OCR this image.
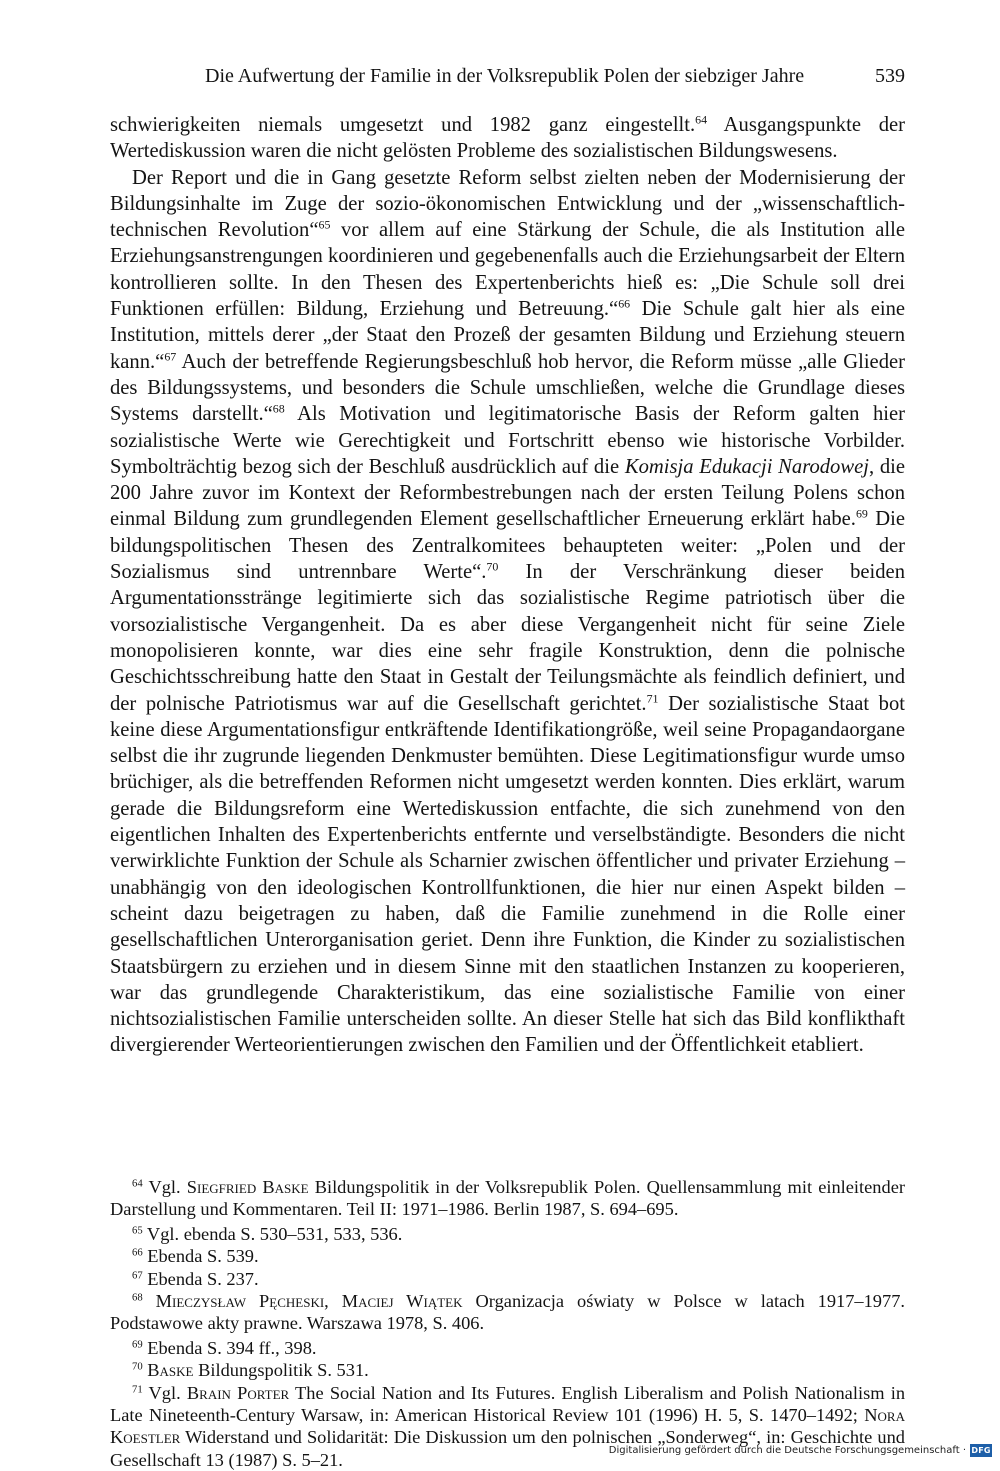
Die Aufwertung der Familie in der Volksrepublik Polen der siebziger Jahre	539

schwierigkeiten niemals umgesetzt und 1982 ganz eingestellt.$^{64}$ Ausgangspunkte der Wertediskussion waren die nicht gelösten Probleme des sozialistischen Bildungswesens.

Der Report und die in Gang gesetzte Reform selbst zielten neben der Modernisierung der Bildungsinhalte im Zuge der sozio-ökonomischen Entwicklung und der „wissenschaftlich-technischen Revolution“$^{65}$ vor allem auf eine Stärkung der Schule, die als Institution alle Erziehungsanstrengungen koordinieren und gegebenenfalls auch die Erziehungsarbeit der Eltern kontrollieren sollte. In den Thesen des Expertenberichts hieß es: „Die Schule soll drei Funktionen erfüllen: Bildung, Erziehung und Betreuung.“$^{66}$ Die Schule galt hier als eine Institution, mittels derer „der Staat den Prozeß der gesamten Bildung und Erziehung steuern kann.“$^{67}$ Auch der betreffende Regierungsbeschluß hob hervor, die Reform müsse „alle Glieder des Bildungssystems, und besonders die Schule umschließen, welche die Grundlage dieses Systems darstellt.“$^{68}$ Als Motivation und legitimatorische Basis der Reform galten hier sozialistische Werte wie Gerechtigkeit und Fortschritt ebenso wie historische Vorbilder. Symbolträchtig bezog sich der Beschluß ausdrücklich auf die Komisja Edukacji Narodowej, die 200 Jahre zuvor im Kontext der Reformbestrebungen nach der ersten Teilung Polens schon einmal Bildung zum grundlegenden Element gesellschaftlicher Erneuerung erklärt habe.$^{69}$ Die bildungspolitischen Thesen des Zentralkomitees behaupteten weiter: „Polen und der Sozialismus sind untrennbare Werte“.$^{70}$ In der Verschränkung dieser beiden Argumentationsstränge legitimierte sich das sozialistische Regime patriotisch über die vorsozialistische Vergangenheit. Da es aber diese Vergangenheit nicht für seine Ziele monopolisieren konnte, war dies eine sehr fragile Konstruktion, denn die polnische Geschichtsschreibung hatte den Staat in Gestalt der Teilungsmächte als feindlich definiert, und der polnische Patriotismus war auf die Gesellschaft gerichtet.$^{71}$ Der sozialistische Staat bot keine diese Argumentationsfigur entkräftende Identifikationgröße, weil seine Propagandaorgane selbst die ihr zugrunde liegenden Denkmuster bemühten. Diese Legitimationsfigur wurde umso brüchiger, als die betreffenden Reformen nicht umgesetzt werden konnten. Dies erklärt, warum gerade die Bildungsreform eine Wertediskussion entfachte, die sich zunehmend von den eigentlichen Inhalten des Expertenberichts entfernte und verselbständigte. Besonders die nicht verwirklichte Funktion der Schule als Scharnier zwischen öffentlicher und privater Erziehung – unabhängig von den ideologischen Kontrollfunktionen, die hier nur einen Aspekt bilden – scheint dazu beigetragen zu haben, daß die Familie zunehmend in die Rolle einer gesellschaftlichen Unterorganisation geriet. Denn ihre Funktion, die Kinder zu sozialistischen Staatsbürgern zu erziehen und in diesem Sinne mit den staatlichen Instanzen zu kooperieren, war das grundlegende Charakteristikum, das eine sozialistische Familie von einer nichtsozialistischen Familie unterscheiden sollte. An dieser Stelle hat sich das Bild konflikthaft divergierender Werteorientierungen zwischen den Familien und der Öffentlichkeit etabliert.

$^{64}$ Vgl. Siegfried Baske Bildungspolitik in der Volksrepublik Polen. Quellensammlung mit einleitender Darstellung und Kommentaren. Teil II: 1971–1986. Berlin 1987, S. 694–695.

$^{65}$ Vgl. ebenda S. 530–531, 533, 536.

$^{66}$ Ebenda S. 539.

$^{67}$ Ebenda S. 237.

$^{68}$ Mieczysław Pęcheski, Maciej Wiątek Organizacja oświaty w Polsce w latach 1917–1977. Podstawowe akty prawne. Warszawa 1978, S. 406.

$^{69}$ Ebenda S. 394 ff., 398.

$^{70}$ Baske Bildungspolitik S. 531.

$^{71}$ Vgl. Brain Porter The Social Nation and Its Futures. English Liberalism and Polish Nationalism in Late Nineteenth-Century Warsaw, in: American Historical Review 101 (1996) H. 5, S. 1470–1492; Nora Koestler Widerstand und Solidarität: Die Diskussion um den polnischen „Sonderweg“, in: Geschichte und Gesellschaft 13 (1987) S. 5–21.	Digitalisierung gefördert durch die Deutsche Forschungsgemeinschaft · DFG
